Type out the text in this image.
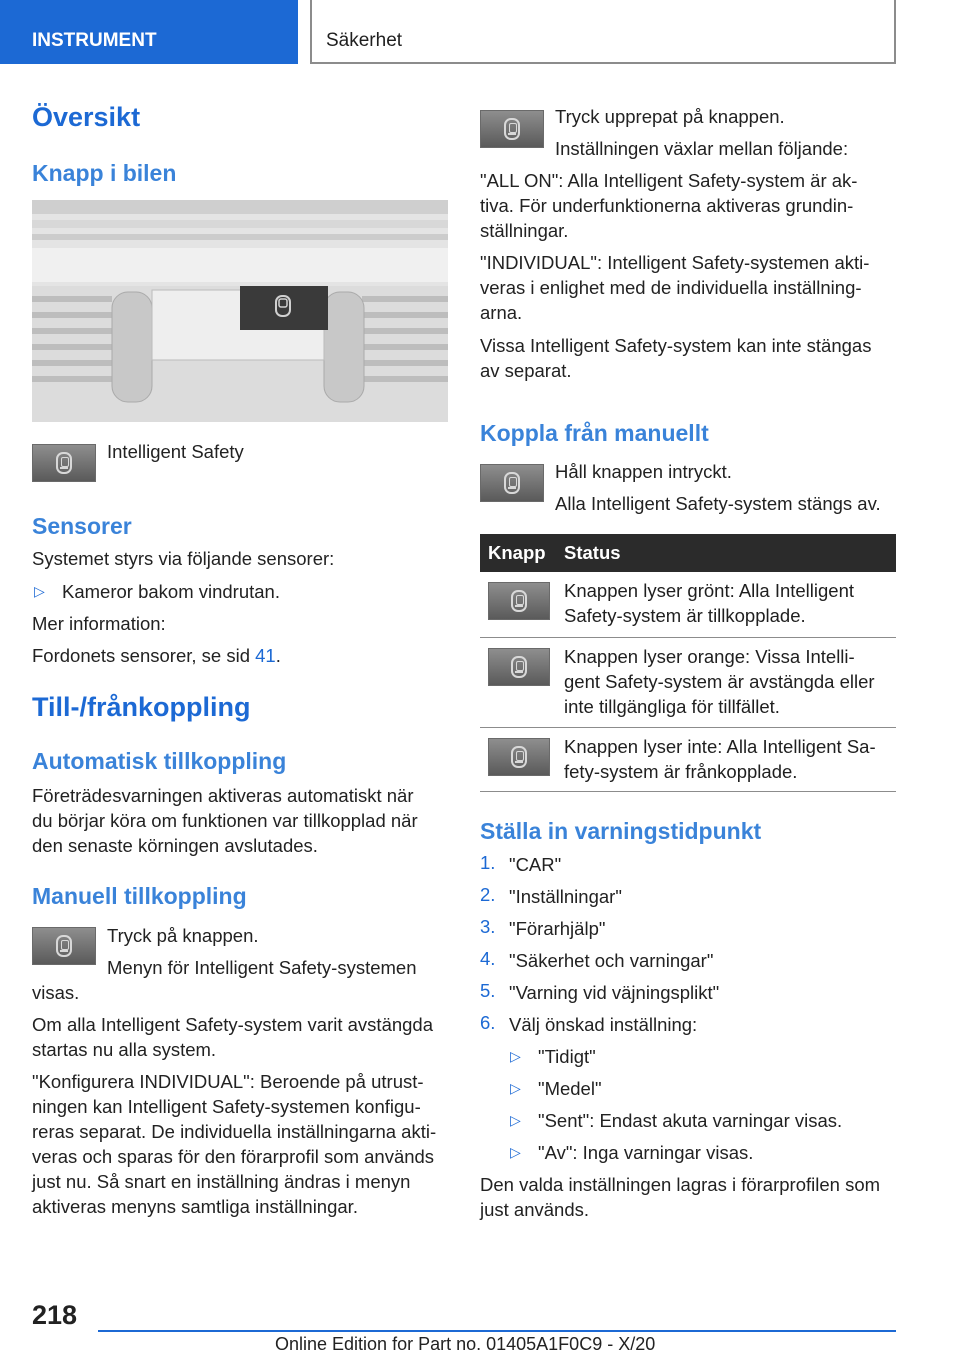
INSTRUMENT	Säkerhet
Översikt
Knapp i bilen
Intelligent Safety
Sensorer
Systemet styrs via följande sensorer:
▷ Kameror bakom vindrutan.
Mer information:
Fordonets sensorer, se sid 41.
Till-/frånkoppling
Automatisk tillkoppling
Företrädesvarningen aktiveras automatiskt när
du börjar köra om funktionen var tillkopplad när
den senaste körningen avslutades.
Manuell tillkoppling
Tryck på knappen.
Menyn för Intelligent Safety-systemen
visas.
Om alla Intelligent Safety-system varit avstängda
startas nu alla system.
"Konfigurera INDIVIDUAL": Beroende på utrust-
ningen kan Intelligent Safety-systemen konfigu-
reras separat. De individuella inställningarna akti-
veras och sparas för den förarprofil som används
just nu. Så snart en inställning ändras i menyn
aktiveras menyns samtliga inställningar.
Tryck upprepat på knappen.
Inställningen växlar mellan följande:
"ALL ON": Alla Intelligent Safety-system är ak-
tiva. För underfunktionerna aktiveras grundin-
ställningar.
"INDIVIDUAL": Intelligent Safety-systemen akti-
veras i enlighet med de individuella inställning-
arna.
Vissa Intelligent Safety-system kan inte stängas
av separat.
Koppla från manuellt
Håll knappen intryckt.
Alla Intelligent Safety-system stängs av.
Knapp	Status

	Knappen lyser grönt: Alla Intelligent
Safety-system är tillkopplade.

	Knappen lyser orange: Vissa Intelli-
gent Safety-system är avstängda eller
inte tillgängliga för tillfället.

	Knappen lyser inte: Alla Intelligent Sa-
fety-system är frånkopplade.
Ställa in varningstidpunkt
1. "CAR"
2. "Inställningar"
3. "Förarhjälp"
4. "Säkerhet och varningar"
5. "Varning vid väjningsplikt"
6. Välj önskad inställning:
▷ "Tidigt"
▷ "Medel"
▷ "Sent": Endast akuta varningar visas.
▷ "Av": Inga varningar visas.
Den valda inställningen lagras i förarprofilen som
just används.
218
Online Edition for Part no. 01405A1F0C9 - X/20
